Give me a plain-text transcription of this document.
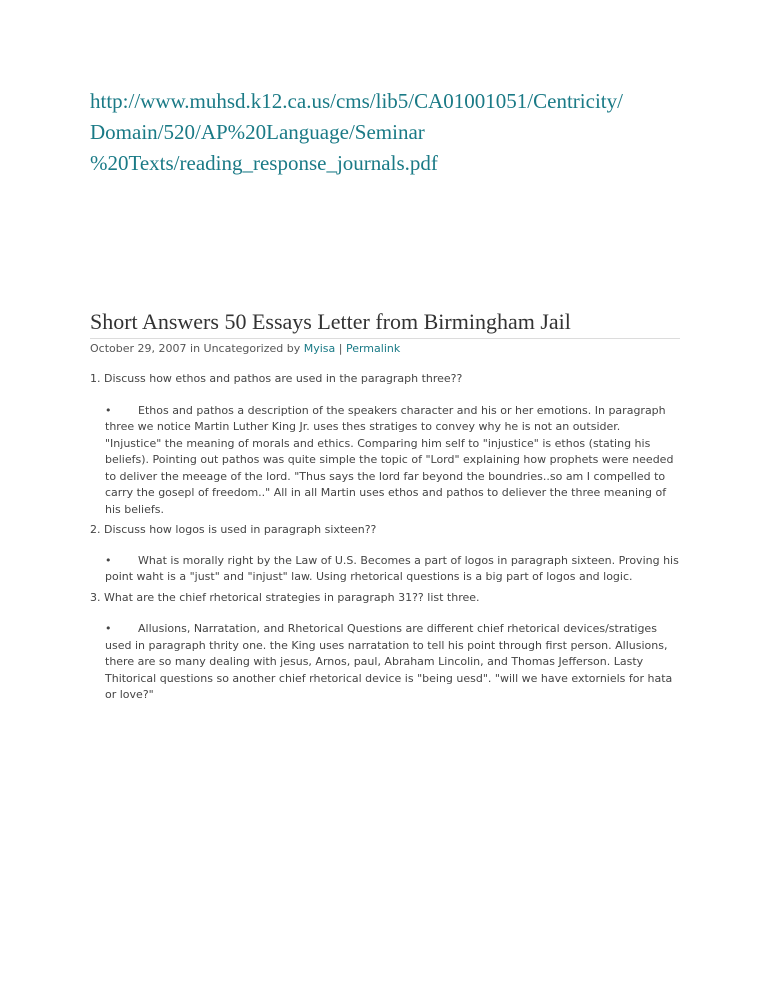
http://www.muhsd.k12.ca.us/cms/lib5/CA01001051/Centricity/
Domain/520/AP%20Language/Seminar
%20Texts/reading_response_journals.pdf
Short Answers 50 Essays Letter from Birmingham Jail
October 29, 2007 in Uncategorized by Myisa | Permalink

1. Discuss how ethos and pathos are used in the paragraph three??

• Ethos and pathos a description of the speakers character and his or her emotions. In paragraph three we notice Martin Luther King Jr. uses thes stratiges to convey why he is not an outsider. "Injustice" the meaning of morals and ethics. Comparing him self to "injustice" is ethos (stating his beliefs). Pointing out pathos was quite simple the topic of "Lord" explaining how prophets were needed to deliver the meeage of the lord. "Thus says the lord far beyond the boundries..so am I compelled to carry the gosepl of freedom.." All in all Martin uses ethos and pathos to deliever the three meaning of his beliefs.

2. Discuss how logos is used in paragraph sixteen??

• What is morally right by the Law of U.S. Becomes a part of logos in paragraph sixteen. Proving his point waht is a "just" and "injust" law. Using rhetorical questions is a big part of logos and logic.

3. What are the chief rhetorical strategies in paragraph 31?? list three.

• Allusions, Narratation, and Rhetorical Questions are different chief rhetorical devices/stratiges used in paragraph thrity one. the King uses narratation to tell his point through first person. Allusions, there are so many dealing with jesus, Arnos, paul, Abraham Lincolin, and Thomas Jefferson. Lasty Thitorical questions so another chief rhetorical device is "being uesd". "will we have extorniels for hata or love?"
